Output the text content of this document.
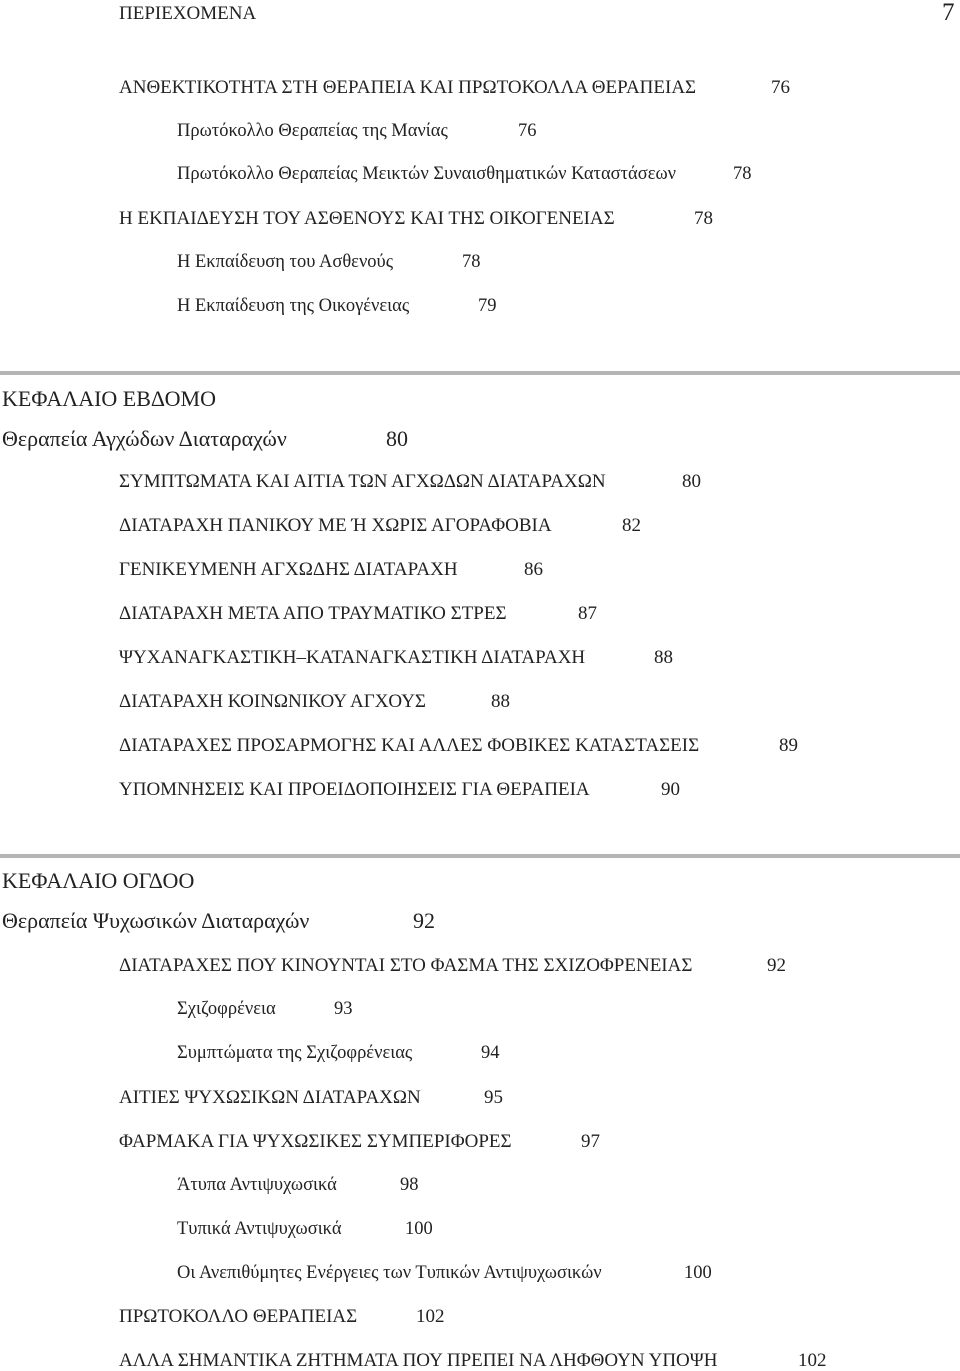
ΠΕΡΙΕΧΟΜΕΝΑ	7
ΑΝΘΕΚΤΙΚΟΤΗΤΑ ΣΤΗ ΘΕΡΑΠΕΙΑ ΚΑΙ ΠΡΩΤΟΚΟΛΛΑ ΘΕΡΑΠΕΙΑΣ	76
Πρωτόκολλο Θεραπείας της Μανίας	76
Πρωτόκολλο Θεραπείας Μεικτών Συναισθηματικών Καταστάσεων	78
Η ΕΚΠΑΙΔΕΥΣΗ ΤΟΥ ΑΣΘΕΝΟΥΣ ΚΑΙ ΤΗΣ ΟΙΚΟΓΕΝΕΙΑΣ	78
Η Εκπαίδευση του Ασθενούς	78
Η Εκπαίδευση της Οικογένειας	79
ΚΕΦΑΛΑΙΟ ΕΒΔΟΜΟ
Θεραπεία Αγχώδων Διαταραχών	80
ΣΥΜΠΤΩΜΑΤΑ ΚΑΙ ΑΙΤΙΑ ΤΩΝ ΑΓΧΩΔΩΝ ΔΙΑΤΑΡΑΧΩΝ	80
ΔΙΑΤΑΡΑΧΗ ΠΑΝΙΚΟΥ ΜΕ Ή ΧΩΡΙΣ ΑΓΟΡΑΦΟΒΙΑ	82
ΓΕΝΙΚΕΥΜΕΝΗ ΑΓΧΩΔΗΣ ΔΙΑΤΑΡΑΧΗ	86
ΔΙΑΤΑΡΑΧΗ ΜΕΤΑ ΑΠΟ ΤΡΑΥΜΑΤΙΚΟ ΣΤΡΕΣ	87
ΨΥΧΑΝΑΓΚΑΣΤΙΚΗ–ΚΑΤΑΝΑΓΚΑΣΤΙΚΗ ΔΙΑΤΑΡΑΧΗ	88
ΔΙΑΤΑΡΑΧΗ ΚΟΙΝΩΝΙΚΟΥ ΑΓΧΟΥΣ	88
ΔΙΑΤΑΡΑΧΕΣ ΠΡΟΣΑΡΜΟΓΗΣ ΚΑΙ ΑΛΛΕΣ ΦΟΒΙΚΕΣ ΚΑΤΑΣΤΑΣΕΙΣ	89
ΥΠΟΜΝΗΣΕΙΣ ΚΑΙ ΠΡΟΕΙΔΟΠΟΙΗΣΕΙΣ ΓΙΑ ΘΕΡΑΠΕΙΑ	90
ΚΕΦΑΛΑΙΟ ΟΓΔΟΟ
Θεραπεία Ψυχωσικών Διαταραχών	92
ΔΙΑΤΑΡΑΧΕΣ ΠΟΥ ΚΙΝΟΥΝΤΑΙ ΣΤΟ ΦΑΣΜΑ ΤΗΣ ΣΧΙΖΟΦΡΕΝΕΙΑΣ	92
Σχιζοφρένεια	93
Συμπτώματα της Σχιζοφρένειας	94
ΑΙΤΙΕΣ ΨΥΧΩΣΙΚΩΝ ΔΙΑΤΑΡΑΧΩΝ	95
ΦΑΡΜΑΚΑ ΓΙΑ ΨΥΧΩΣΙΚΕΣ ΣΥΜΠΕΡΙΦΟΡΕΣ	97
Άτυπα Αντιψυχωσικά	98
Τυπικά Αντιψυχωσικά	100
Οι Ανεπιθύμητες Ενέργειες των Τυπικών Αντιψυχωσικών	100
ΠΡΩΤΟΚΟΛΛΟ ΘΕΡΑΠΕΙΑΣ	102
ΑΛΛΑ ΣΗΜΑΝΤΙΚΑ ΖΗΤΗΜΑΤΑ ΠΟΥ ΠΡΕΠΕΙ ΝΑ ΛΗΦΘΟΥΝ ΥΠΟΨΗ	102
